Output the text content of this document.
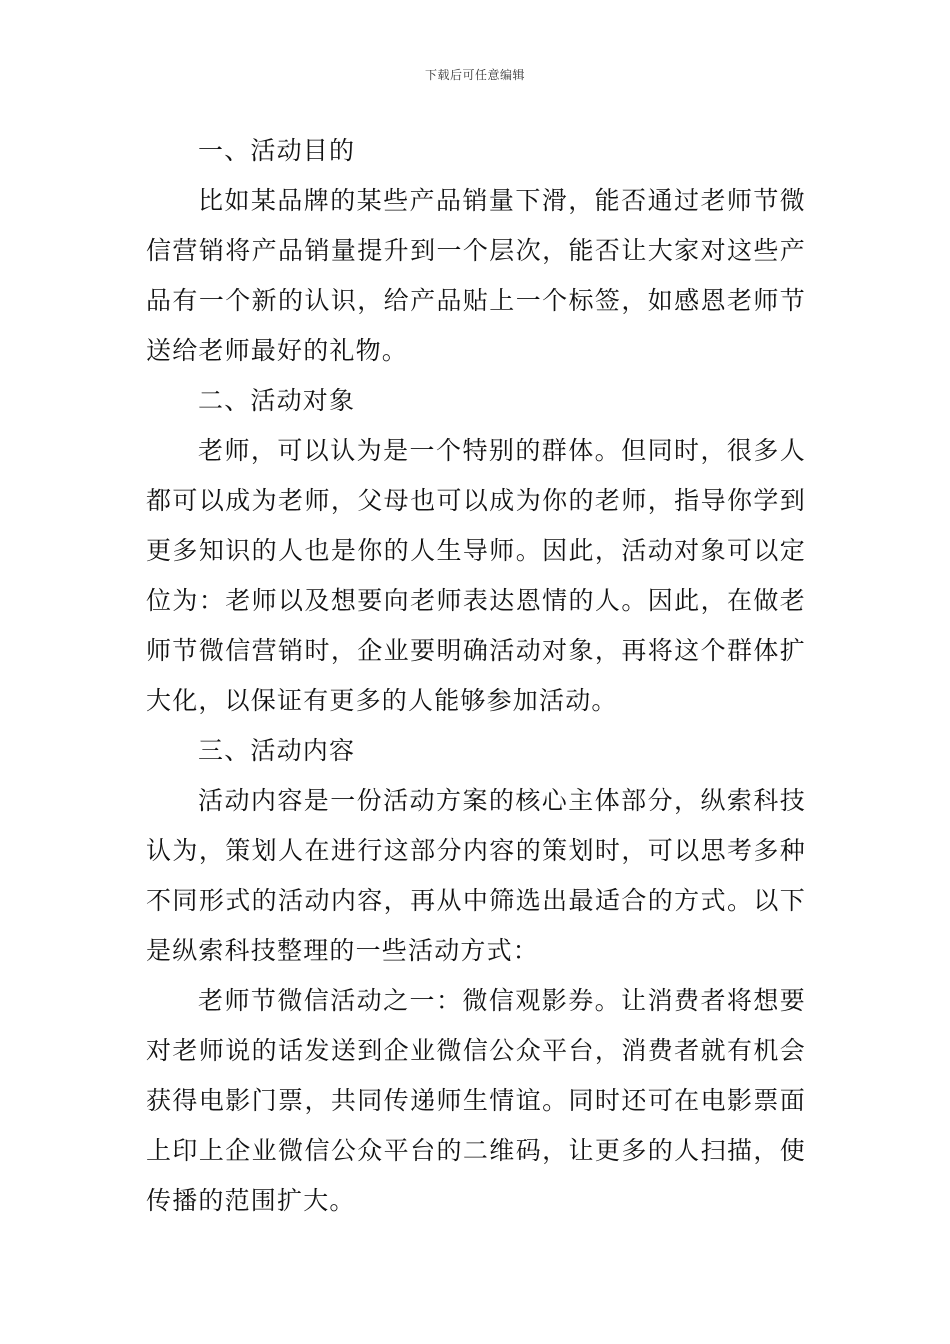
下载后可任意编辑

一、活动目的

比如某品牌的某些产品销量下滑，能否通过老师节微信营销将产品销量提升到一个层次，能否让大家对这些产品有一个新的认识，给产品贴上一个标签，如感恩老师节送给老师最好的礼物。

二、活动对象

老师，可以认为是一个特别的群体。但同时，很多人都可以成为老师，父母也可以成为你的老师，指导你学到更多知识的人也是你的人生导师。因此，活动对象可以定位为：老师以及想要向老师表达恩情的人。因此，在做老师节微信营销时，企业要明确活动对象，再将这个群体扩大化，以保证有更多的人能够参加活动。

三、活动内容

活动内容是一份活动方案的核心主体部分，纵索科技认为，策划人在进行这部分内容的策划时，可以思考多种不同形式的活动内容，再从中筛选出最适合的方式。以下是纵索科技整理的一些活动方式：

老师节微信活动之一：微信观影券。让消费者将想要对老师说的话发送到企业微信公众平台，消费者就有机会获得电影门票，共同传递师生情谊。同时还可在电影票面上印上企业微信公众平台的二维码，让更多的人扫描，使传播的范围扩大。
